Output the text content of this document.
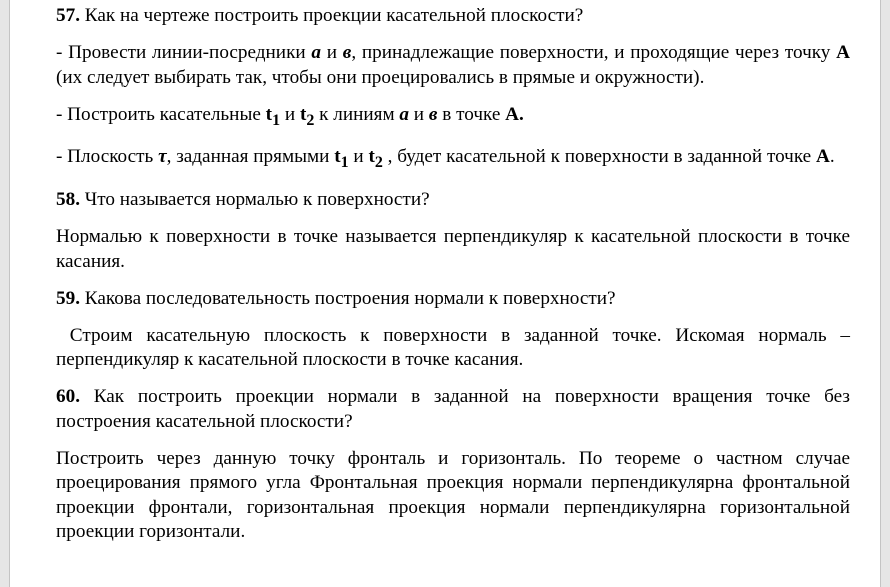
57. Как на чертеже построить проекции касательной плоскости?

- Провести линии-посредники а и в, принадлежащие поверхности, и проходящие через точку А (их следует выбирать так, чтобы они проецировались в прямые и окружности).

- Построить касательные $t_1$ и $t_2$ к линиям а и в в точке А.

- Плоскость τ, заданная прямыми $t_1$ и $t_2$ , будет касательной к поверхности в заданной точке А.

58. Что называется нормалью к поверхности?

Нормалью к поверхности в точке называется перпендикуляр к касательной плоскости в точке касания.

59. Какова последовательность построения нормали к поверхности?

Строим касательную плоскость к поверхности в заданной точке. Искомая нормаль – перпендикуляр к касательной плоскости в точке касания.

60. Как построить проекции нормали в заданной на поверхности вращения точке без построения касательной плоскости?

Построить через данную точку фронталь и горизонталь. По теореме о частном случае проецирования прямого угла Фронтальная проекция нормали перпендикулярна фронтальной проекции фронтали, горизонтальная проекция нормали перпендикулярна горизонтальной проекции горизонтали.
